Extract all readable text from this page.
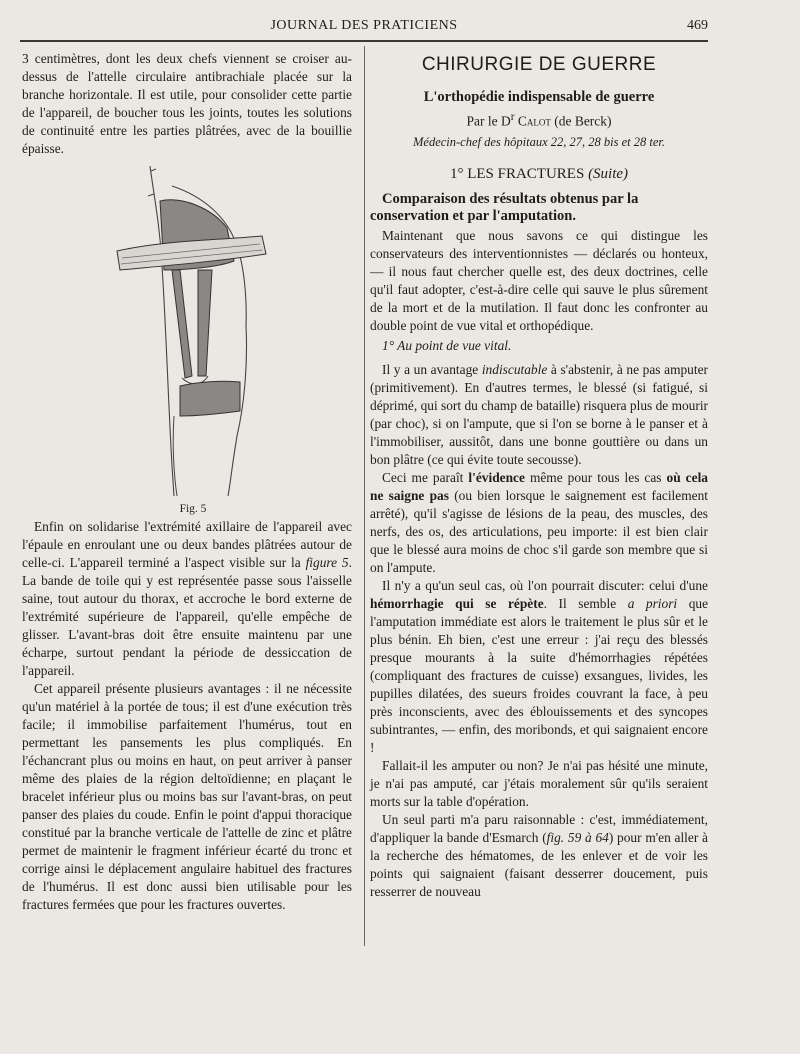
JOURNAL DES PRATICIENS	469

3 centimètres, dont les deux chefs viennent se croiser au-dessus de l'attelle circulaire antibrachiale placée sur la branche horizontale. Il est utile, pour consolider cette partie de l'appareil, de boucher tous les joints, toutes les solutions de continuité entre les parties plâtrées, avec de la bouillie épaisse.

Fig. 5

Enfin on solidarise l'extrémité axillaire de l'appareil avec l'épaule en enroulant une ou deux bandes plâtrées autour de celle-ci. L'appareil terminé a l'aspect visible sur la figure 5. La bande de toile qui y est représentée passe sous l'aisselle saine, tout autour du thorax, et accroche le bord externe de l'extrémité supérieure de l'appareil, qu'elle empêche de glisser. L'avant-bras doit être ensuite maintenu par une écharpe, surtout pendant la période de dessiccation de l'appareil.

Cet appareil présente plusieurs avantages : il ne nécessite qu'un matériel à la portée de tous; il est d'une exécution très facile; il immobilise parfaitement l'humérus, tout en permettant les pansements les plus compliqués. En l'échancrant plus ou moins en haut, on peut arriver à panser même des plaies de la région deltoïdienne; en plaçant le bracelet inférieur plus ou moins bas sur l'avant-bras, on peut panser des plaies du coude. Enfin le point d'appui thoracique constitué par la branche verticale de l'attelle de zinc et plâtre permet de maintenir le fragment inférieur écarté du tronc et corrige ainsi le déplacement angulaire habituel des fractures de l'humérus. Il est donc aussi bien utilisable pour les fractures fermées que pour les fractures ouvertes.

CHIRURGIE DE GUERRE
L'orthopédie indispensable de guerre
Par le $D^r$ Calot (de Berck)
Médecin-chef des hôpitaux 22, 27, 28 bis et 28 ter.
1° LES FRACTURES (Suite)
Comparaison des résultats obtenus par la conservation et par l'amputation.

Maintenant que nous savons ce qui distingue les conservateurs des interventionnistes — déclarés ou honteux, — il nous faut chercher quelle est, des deux doctrines, celle qu'il faut adopter, c'est-à-dire celle qui sauve le plus sûrement de la mort et de la mutilation. Il faut donc les confronter au double point de vue vital et orthopédique.

1° Au point de vue vital.

Il y a un avantage indiscutable à s'abstenir, à ne pas amputer (primitivement). En d'autres termes, le blessé (si fatigué, si déprimé, qui sort du champ de bataille) risquera plus de mourir (par choc), si on l'ampute, que si l'on se borne à le panser et à l'immobiliser, aussitôt, dans une bonne gouttière ou dans un bon plâtre (ce qui évite toute secousse).

Ceci me paraît l'évidence même pour tous les cas où cela ne saigne pas (ou bien lorsque le saignement est facilement arrêté), qu'il s'agisse de lésions de la peau, des muscles, des nerfs, des os, des articulations, peu importe: il est bien clair que le blessé aura moins de choc s'il garde son membre que si on l'ampute.

Il n'y a qu'un seul cas, où l'on pourrait discuter: celui d'une hémorrhagie qui se répète. Il semble a priori que l'amputation immédiate est alors le traitement le plus sûr et le plus bénin. Eh bien, c'est une erreur : j'ai reçu des blessés presque mourants à la suite d'hémorrhagies répétées (compliquant des fractures de cuisse) exsangues, livides, les pupilles dilatées, des sueurs froides couvrant la face, à peu près inconscients, avec des éblouissements et des syncopes subintrantes, — enfin, des moribonds, et qui saignaient encore !

Fallait-il les amputer ou non? Je n'ai pas hésité une minute, je n'ai pas amputé, car j'étais moralement sûr qu'ils seraient morts sur la table d'opération.

Un seul parti m'a paru raisonnable : c'est, immédiatement, d'appliquer la bande d'Esmarch (fig. 59 à 64) pour m'en aller à la recherche des hématomes, de les enlever et de voir les points qui saignaient (faisant desserrer doucement, puis resserrer de nouveau
